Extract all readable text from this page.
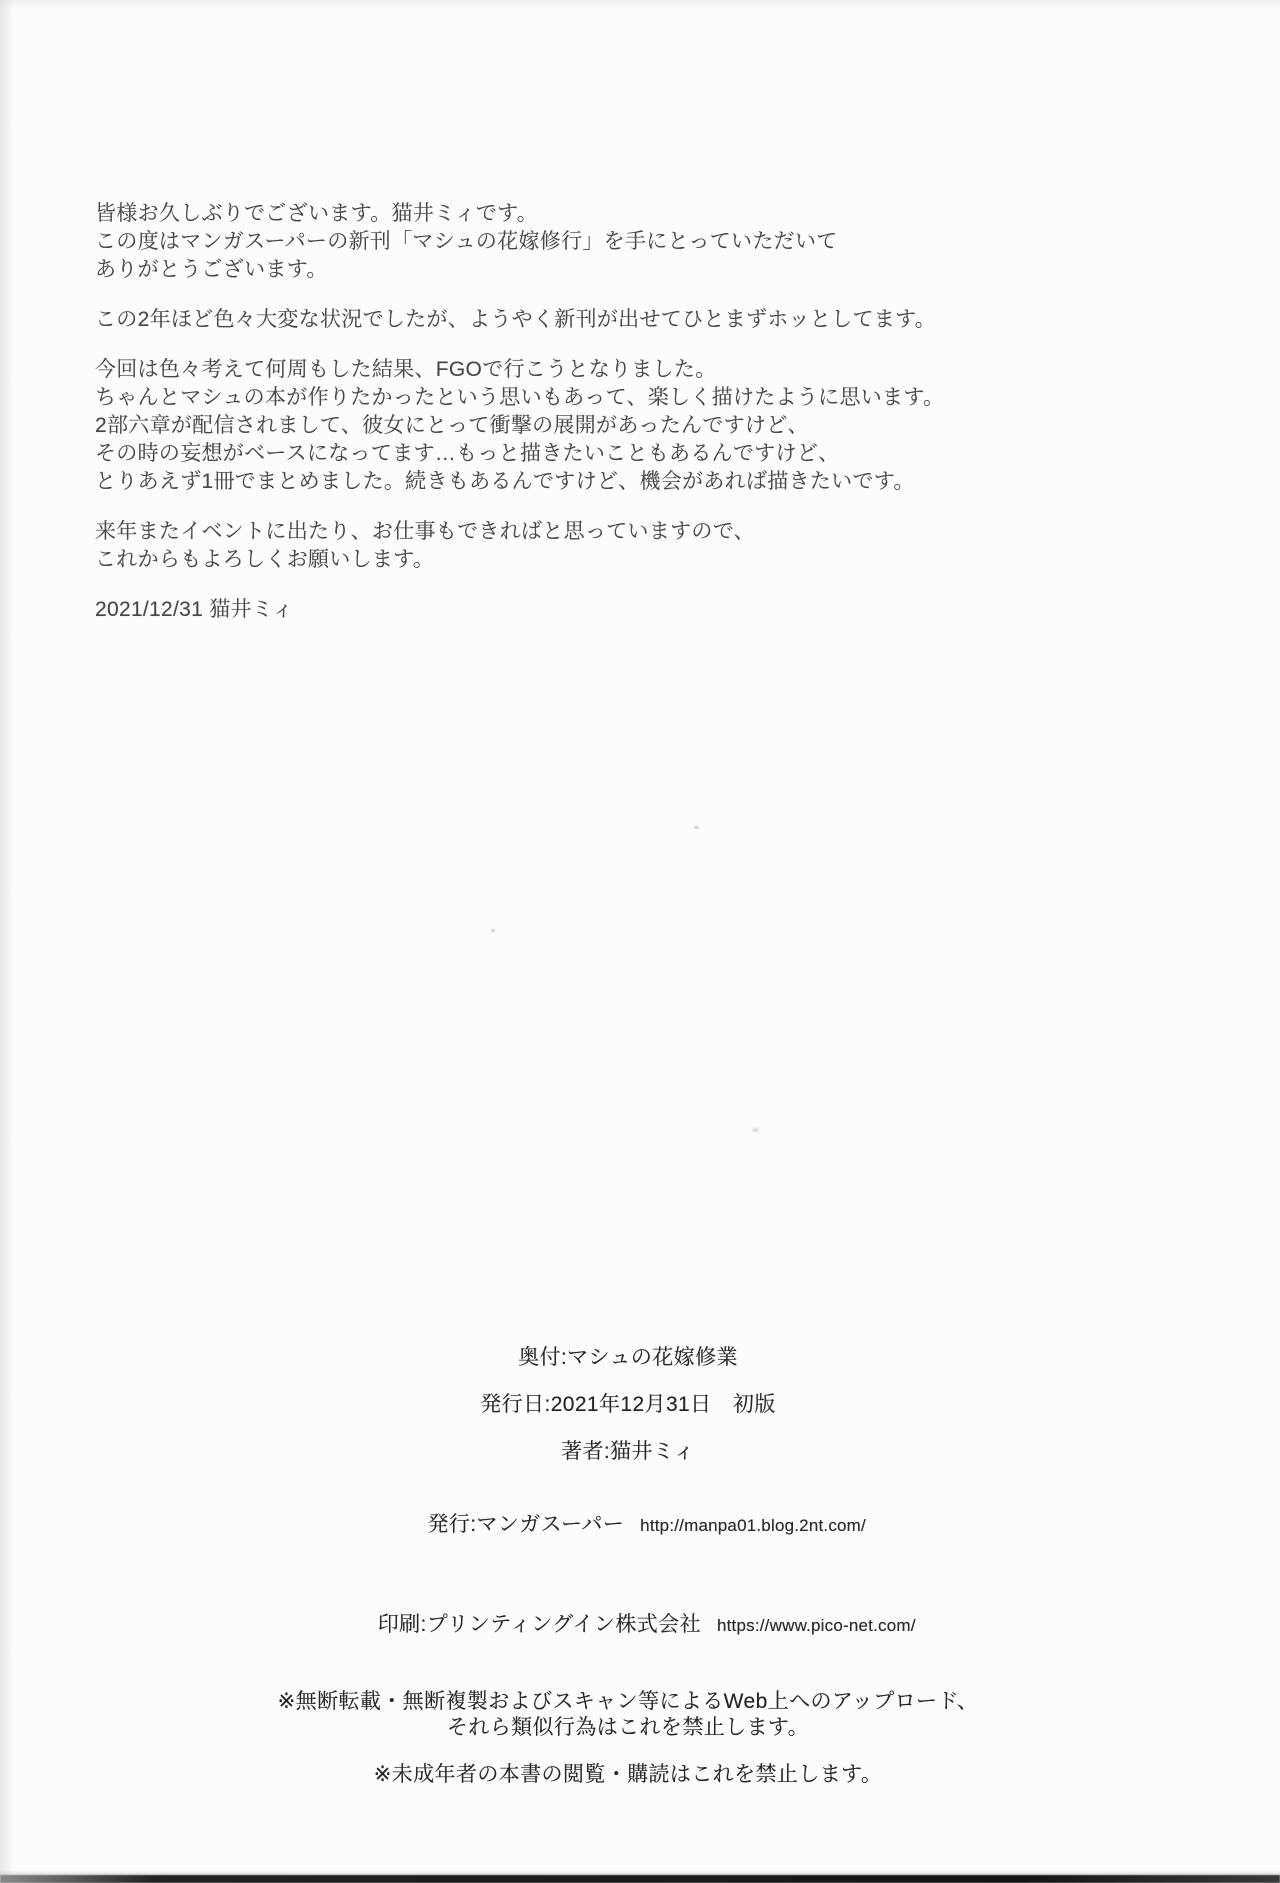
皆様お久しぶりでございます。猫井ミィです。
この度はマンガスーパーの新刊「マシュの花嫁修行」を手にとっていただいて
ありがとうございます。
この2年ほど色々大変な状況でしたが、ようやく新刊が出せてひとまずホッとしてます。
今回は色々考えて何周もした結果、FGOで行こうとなりました。
ちゃんとマシュの本が作りたかったという思いもあって、楽しく描けたように思います。
2部六章が配信されまして、彼女にとって衝撃の展開があったんですけど、
その時の妄想がベースになってます…もっと描きたいこともあるんですけど、
とりあえず1冊でまとめました。続きもあるんですけど、機会があれば描きたいです。
来年またイベントに出たり、お仕事もできればと思っていますので、
これからもよろしくお願いします。
2021/12/31 猫井ミィ
奥付:マシュの花嫁修業
発行日:2021年12月31日　初版
著者:猫井ミィ

発行:マンガスーパー http://manpa01.blog.2nt.com/

印刷:プリンティングイン株式会社 https://www.pico-net.com/

※無断転載・無断複製およびスキャン等によるWeb上へのアップロード、
それら類似行為はこれを禁止します。
※未成年者の本書の閲覧・購読はこれを禁止します。
